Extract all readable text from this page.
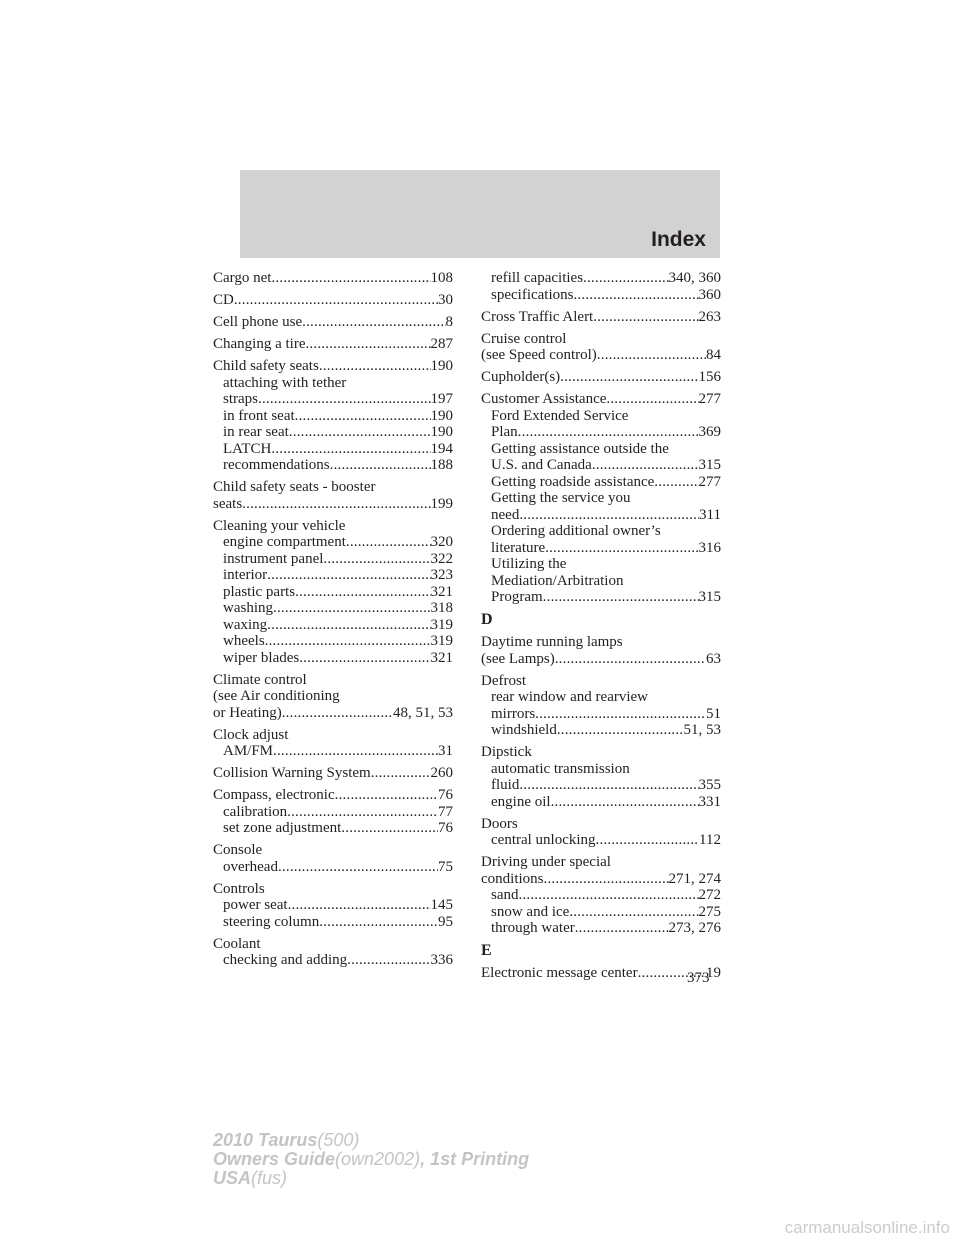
Index
Cargo net .....	108
CD .....	30
Cell phone use .....	8
Changing a tire .....	287
Child safety seats .....	190
attaching with tether
straps .....	197
in front seat .....	190
in rear seat .....	190
LATCH .....	194
recommendations .....	188
Child safety seats - booster
seats .....	199
Cleaning your vehicle
engine compartment .....	320
instrument panel .....	322
interior .....	323
plastic parts .....	321
washing .....	318
waxing .....	319
wheels .....	319
wiper blades .....	321
Climate control
(see Air conditioning
or Heating) .....	48, 51, 53
Clock adjust
AM/FM .....	31
Collision Warning System .....	260
Compass, electronic .....	76
calibration .....	77
set zone adjustment .....	76
Console
overhead .....	75
Controls
power seat .....	145
steering column .....	95
Coolant
checking and adding .....	336
refill capacities .....	340, 360
specifications .....	360
Cross Traffic Alert .....	263
Cruise control
(see Speed control) .....	84
Cupholder(s) .....	156
Customer Assistance .....	277
Ford Extended Service
Plan .....	369
Getting assistance outside the
U.S. and Canada .....	315
Getting roadside assistance .....	277
Getting the service you
need .....	311
Ordering additional owner’s
literature .....	316
Utilizing the
Mediation/Arbitration
Program .....	315
D
Daytime running lamps
(see Lamps) .....	63
Defrost
rear window and rearview
mirrors .....	51
windshield .....	51, 53
Dipstick
automatic transmission
fluid .....	355
engine oil .....	331
Doors
central unlocking .....	112
Driving under special
conditions .....	271, 274
sand .....	272
snow and ice .....	275
through water .....	273, 276
E
Electronic message center .....	19
373
2010 Taurus(500)
Owners Guide(own2002), 1st Printing
USA(fus)
carmanualsonline.info
